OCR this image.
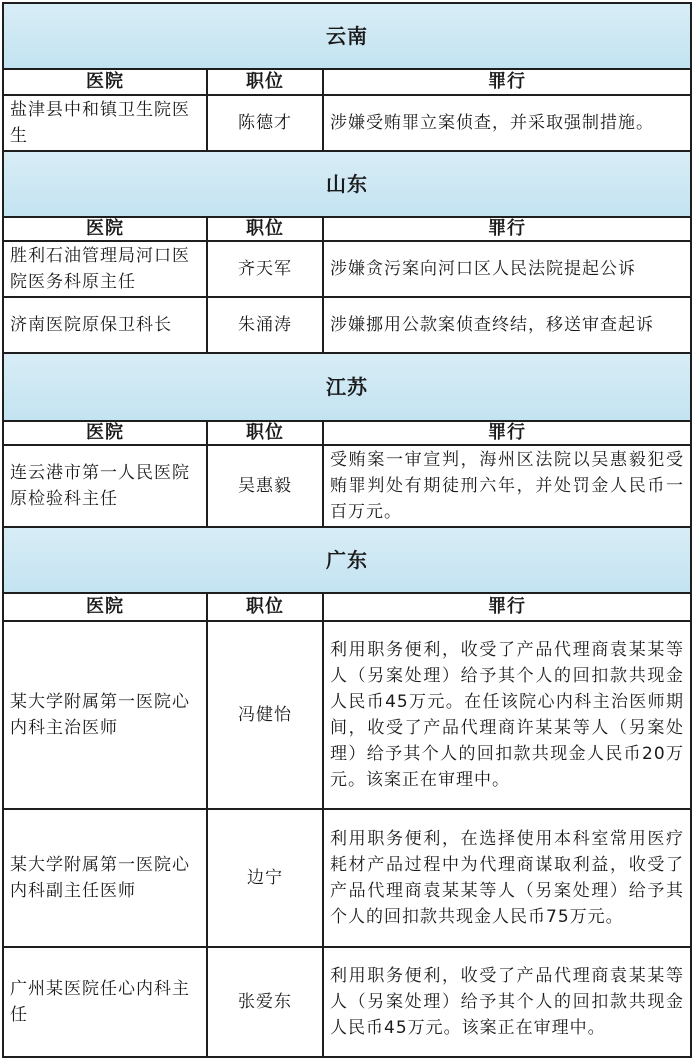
云南		
医院	职位	罪行
盐津县中和镇卫生院医生	陈德才	涉嫌受贿罪立案侦查，并采取强制措施。
山东		
医院	职位	罪行
胜利石油管理局河口医院医务科原主任	齐天军	涉嫌贪污案向河口区人民法院提起公诉
济南医院原保卫科长	朱涌涛	涉嫌挪用公款案侦查终结，移送审查起诉
江苏		
医院	职位	罪行
连云港市第一人民医院原检验科主任	吴惠毅	受贿案一审宣判，海州区法院以吴惠毅犯受贿罪判处有期徒刑六年，并处罚金人民币一百万元。
广东		
医院	职位	罪行
某大学附属第一医院心内科主治医师	冯健怡	利用职务便利，收受了产品代理商袁某某等人（另案处理）给予其个人的回扣款共现金人民币45万元。在任该院心内科主治医师期间，收受了产品代理商许某某等人（另案处理）给予其个人的回扣款共现金人民币20万元。该案正在审理中。
某大学附属第一医院心内科副主任医师	边宁	利用职务便利，在选择使用本科室常用医疗耗材产品过程中为代理商谋取利益，收受了产品代理商袁某某等人（另案处理）给予其个人的回扣款共现金人民币75万元。
广州某医院任心内科主任	张爱东	利用职务便利，收受了产品代理商袁某某等人（另案处理）给予其个人的回扣款共现金人民币45万元。该案正在审理中。
